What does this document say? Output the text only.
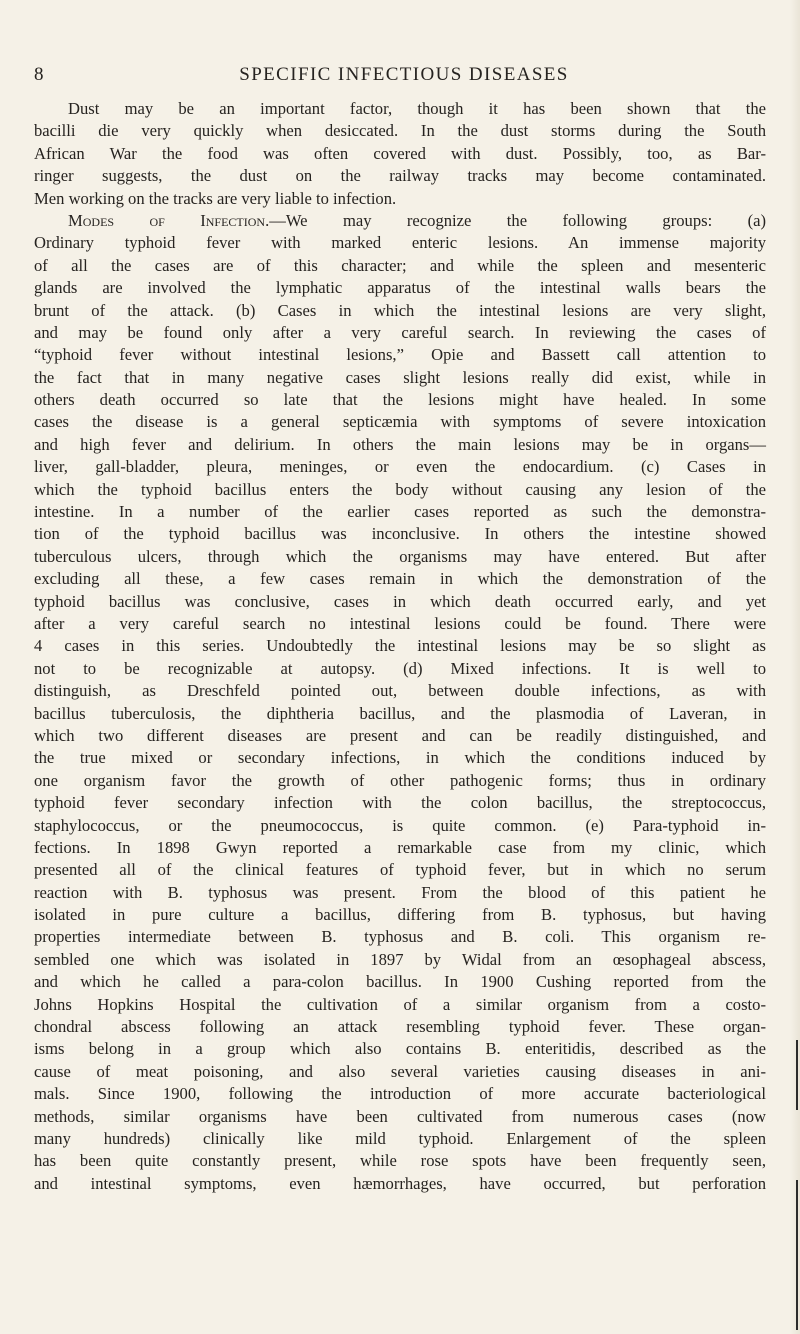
8	SPECIFIC INFECTIOUS DISEASES
Dust may be an important factor, though it has been shown that the
bacilli die very quickly when desiccated. In the dust storms during the South
African War the food was often covered with dust. Possibly, too, as Bar-
ringer suggests, the dust on the railway tracks may become contaminated.
Men working on the tracks are very liable to infection.
Modes of Infection.—We may recognize the following groups: (a)
Ordinary typhoid fever with marked enteric lesions. An immense majority
of all the cases are of this character; and while the spleen and mesenteric
glands are involved the lymphatic apparatus of the intestinal walls bears the
brunt of the attack. (b) Cases in which the intestinal lesions are very slight,
and may be found only after a very careful search. In reviewing the cases of
“typhoid fever without intestinal lesions,” Opie and Bassett call attention to
the fact that in many negative cases slight lesions really did exist, while in
others death occurred so late that the lesions might have healed. In some
cases the disease is a general septicæmia with symptoms of severe intoxication
and high fever and delirium. In others the main lesions may be in organs—
liver, gall-bladder, pleura, meninges, or even the endocardium. (c) Cases in
which the typhoid bacillus enters the body without causing any lesion of the
intestine. In a number of the earlier cases reported as such the demonstra-
tion of the typhoid bacillus was inconclusive. In others the intestine showed
tuberculous ulcers, through which the organisms may have entered. But after
excluding all these, a few cases remain in which the demonstration of the
typhoid bacillus was conclusive, cases in which death occurred early, and yet
after a very careful search no intestinal lesions could be found. There were
4 cases in this series. Undoubtedly the intestinal lesions may be so slight as
not to be recognizable at autopsy. (d) Mixed infections. It is well to
distinguish, as Dreschfeld pointed out, between double infections, as with
bacillus tuberculosis, the diphtheria bacillus, and the plasmodia of Laveran, in
which two different diseases are present and can be readily distinguished, and
the true mixed or secondary infections, in which the conditions induced by
one organism favor the growth of other pathogenic forms; thus in ordinary
typhoid fever secondary infection with the colon bacillus, the streptococcus,
staphylococcus, or the pneumococcus, is quite common. (e) Para-typhoid in-
fections. In 1898 Gwyn reported a remarkable case from my clinic, which
presented all of the clinical features of typhoid fever, but in which no serum
reaction with B. typhosus was present. From the blood of this patient he
isolated in pure culture a bacillus, differing from B. typhosus, but having
properties intermediate between B. typhosus and B. coli. This organism re-
sembled one which was isolated in 1897 by Widal from an œsophageal abscess,
and which he called a para-colon bacillus. In 1900 Cushing reported from the
Johns Hopkins Hospital the cultivation of a similar organism from a costo-
chondral abscess following an attack resembling typhoid fever. These organ-
isms belong in a group which also contains B. enteritidis, described as the
cause of meat poisoning, and also several varieties causing diseases in ani-
mals. Since 1900, following the introduction of more accurate bacteriological
methods, similar organisms have been cultivated from numerous cases (now
many hundreds) clinically like mild typhoid. Enlargement of the spleen
has been quite constantly present, while rose spots have been frequently seen,
and intestinal symptoms, even hæmorrhages, have occurred, but perforation
